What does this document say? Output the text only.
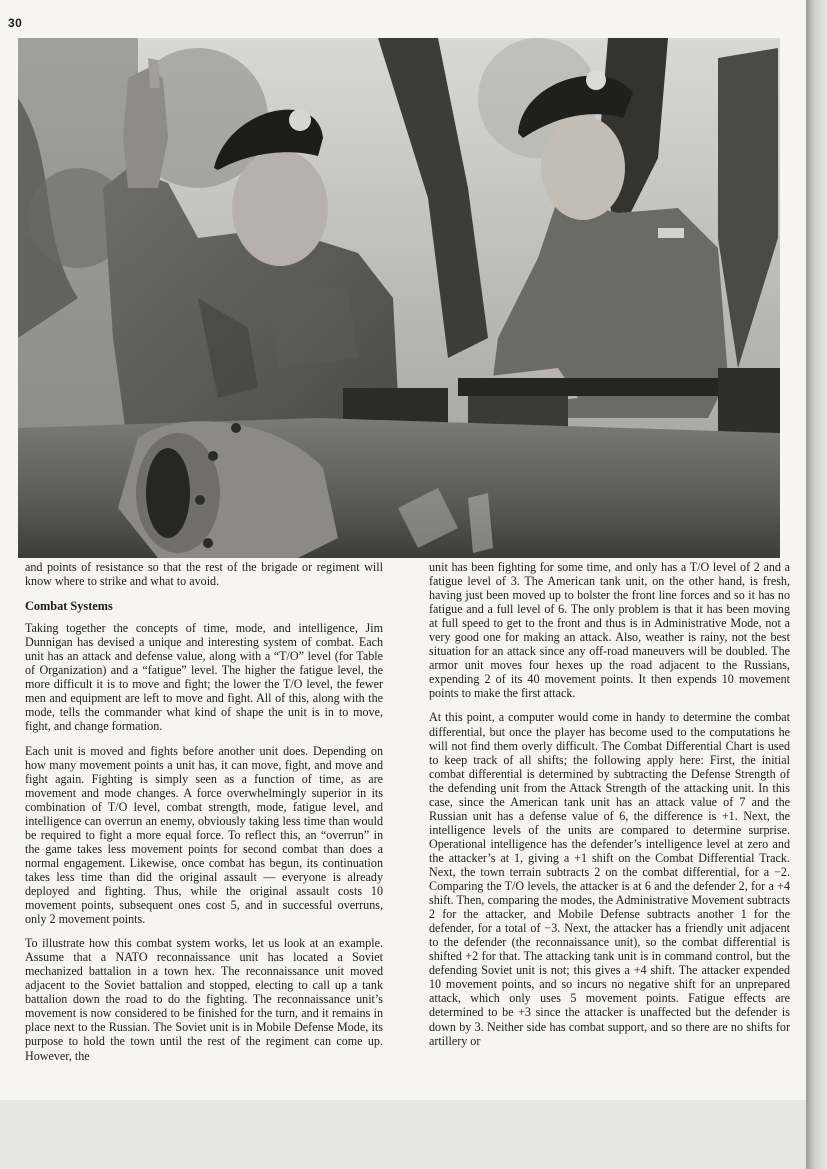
30

and points of resistance so that the rest of the brigade or regiment will know where to strike and what to avoid.

Combat Systems

Taking together the concepts of time, mode, and intelligence, Jim Dunnigan has devised a unique and interesting system of combat. Each unit has an attack and defense value, along with a “T/O” level (for Table of Organization) and a “fatigue” level. The higher the fatigue level, the more difficult it is to move and fight; the lower the T/O level, the fewer men and equipment are left to move and fight. All of this, along with the mode, tells the commander what kind of shape the unit is in to move, fight, and change formation.

Each unit is moved and fights before another unit does. Depending on how many movement points a unit has, it can move, fight, and move and fight again. Fighting is simply seen as a function of time, as are movement and mode changes. A force overwhelmingly superior in its combination of T/O level, combat strength, mode, fatigue level, and intelligence can overrun an enemy, obviously taking less time than would be required to fight a more equal force. To reflect this, an “overrun” in the game takes less movement points for second combat than does a normal engagement. Likewise, once combat has begun, its continuation takes less time than did the original assault — everyone is already deployed and fighting. Thus, while the original assault costs 10 movement points, subsequent ones cost 5, and in successful overruns, only 2 movement points.

To illustrate how this combat system works, let us look at an example. Assume that a NATO reconnaissance unit has located a Soviet mechanized battalion in a town hex. The reconnaissance unit moved adjacent to the Soviet battalion and stopped, electing to call up a tank battalion down the road to do the fighting. The reconnaissance unit’s movement is now considered to be finished for the turn, and it remains in place next to the Russian. The Soviet unit is in Mobile Defense Mode, its purpose to hold the town until the rest of the regiment can come up. However, the

unit has been fighting for some time, and only has a T/O level of 2 and a fatigue level of 3. The American tank unit, on the other hand, is fresh, having just been moved up to bolster the front line forces and so it has no fatigue and a full level of 6. The only problem is that it has been moving at full speed to get to the front and thus is in Administrative Mode, not a very good one for making an attack. Also, weather is rainy, not the best situation for an attack since any off-road maneuvers will be doubled. The armor unit moves four hexes up the road adjacent to the Russians, expending 2 of its 40 movement points. It then expends 10 movement points to make the first attack.

At this point, a computer would come in handy to determine the combat differential, but once the player has become used to the computations he will not find them overly difficult. The Combat Differential Chart is used to keep track of all shifts; the following apply here: First, the initial combat differential is determined by subtracting the Defense Strength of the defending unit from the Attack Strength of the attacking unit. In this case, since the American tank unit has an attack value of 7 and the Russian unit has a defense value of 6, the difference is +1. Next, the intelligence levels of the units are compared to determine surprise. Operational intelligence has the defender’s intelligence level at zero and the attacker’s at 1, giving a +1 shift on the Combat Differential Track. Next, the town terrain subtracts 2 on the combat differential, for a −2. Comparing the T/O levels, the attacker is at 6 and the defender 2, for a +4 shift. Then, comparing the modes, the Administrative Movement subtracts 2 for the attacker, and Mobile Defense subtracts another 1 for the defender, for a total of −3. Next, the attacker has a friendly unit adjacent to the defender (the reconnaissance unit), so the combat differential is shifted +2 for that. The attacking tank unit is in command control, but the defending Soviet unit is not; this gives a +4 shift. The attacker expended 10 movement points, and so incurs no negative shift for an unprepared attack, which only uses 5 movement points. Fatigue effects are determined to be +3 since the attacker is unaffected but the defender is down by 3. Neither side has combat support, and so there are no shifts for artillery or
